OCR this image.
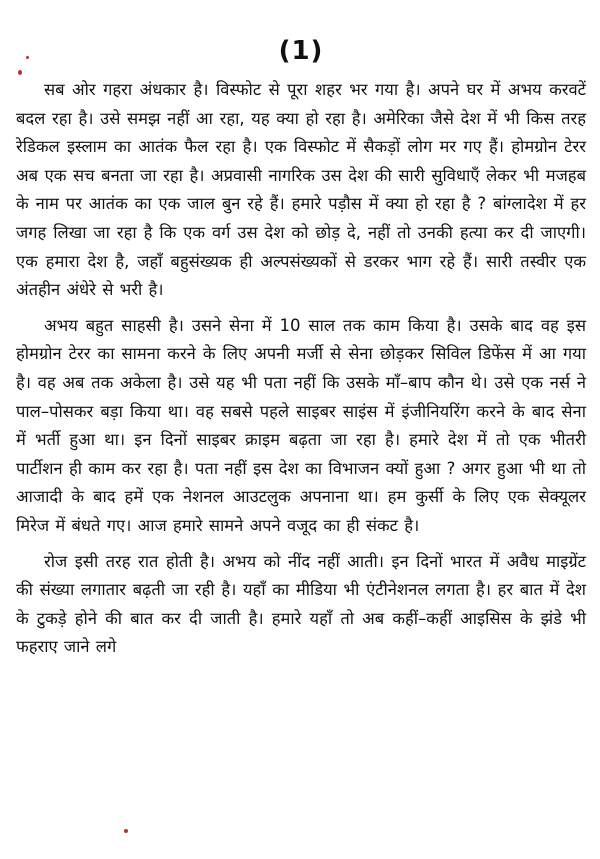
(1)

सब ओर गहरा अंधकार है। विस्फोट से पूरा शहर भर गया है। अपने घर में अभय करवटें बदल रहा है। उसे समझ नहीं आ रहा, यह क्या हो रहा है। अमेरिका जैसे देश में भी किस तरह रेडिकल इस्लाम का आतंक फैल रहा है। एक विस्फोट में सैकड़ों लोग मर गए हैं। होमग्रोन टेरर अब एक सच बनता जा रहा है। अप्रवासी नागरिक उस देश की सारी सुविधाएँ लेकर भी मजहब के नाम पर आतंक का एक जाल बुन रहे हैं। हमारे पड़ौस में क्या हो रहा है ? बांग्लादेश में हर जगह लिखा जा रहा है कि एक वर्ग उस देश को छोड़ दे, नहीं तो उनकी हत्या कर दी जाएगी। एक हमारा देश है, जहाँ बहुसंख्यक ही अल्पसंख्यकों से डरकर भाग रहे हैं। सारी तस्वीर एक अंतहीन अंधेरे से भरी है।

अभय बहुत साहसी है। उसने सेना में 10 साल तक काम किया है। उसके बाद वह इस होमग्रोन टेरर का सामना करने के लिए अपनी मर्जी से सेना छोड़कर सिविल डिफेंस में आ गया है। वह अब तक अकेला है। उसे यह भी पता नहीं कि उसके माँ–बाप कौन थे। उसे एक नर्स ने पाल–पोसकर बड़ा किया था। वह सबसे पहले साइबर साइंस में इंजीनियरिंग करने के बाद सेना में भर्ती हुआ था। इन दिनों साइबर क्राइम बढ़ता जा रहा है। हमारे देश में तो एक भीतरी पार्टीशन ही काम कर रहा है। पता नहीं इस देश का विभाजन क्यों हुआ ? अगर हुआ भी था तो आजादी के बाद हमें एक नेशनल आउटलुक अपनाना था। हम कुर्सी के लिए एक सेक्यूलर मिरेज में बंधते गए। आज हमारे सामने अपने वजूद का ही संकट है।

रोज इसी तरह रात होती है। अभय को नींद नहीं आती। इन दिनों भारत में अवैध माइग्रेंट की संख्या लगातार बढ़ती जा रही है। यहाँ का मीडिया भी एंटीनेशनल लगता है। हर बात में देश के टुकड़े होने की बात कर दी जाती है। हमारे यहाँ तो अब कहीं–कहीं आइसिस के झंडे भी फहराए जाने लगे
